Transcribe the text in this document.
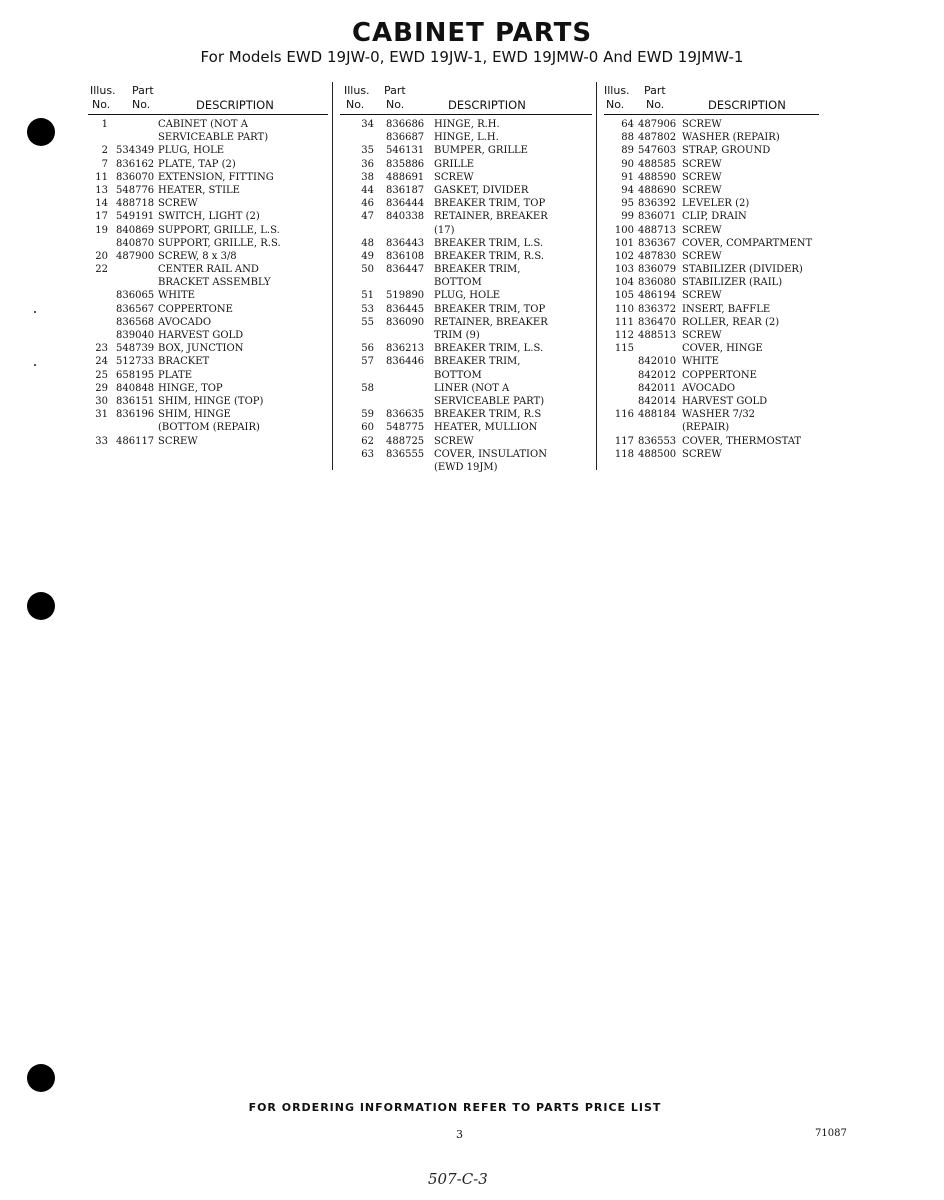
CABINET PARTS

For Models EWD 19JW-0, EWD 19JW-1, EWD 19JMW-0 And EWD 19JMW-1

Illus. Part
No. No.	DESCRIPTION
1	CABINET (NOT A
SERVICEABLE PART)
2 534349 PLUG, HOLE
7 836162 PLATE, TAP (2)
11 836070 EXTENSION, FITTING
13 548776 HEATER, STILE
14 488718 SCREW
17 549191 SWITCH, LIGHT (2)
19 840869 SUPPORT, GRILLE, L.S.
840870 SUPPORT, GRILLE, R.S.
20 487900 SCREW, 8 x 3/8
22	CENTER RAIL AND
BRACKET ASSEMBLY
836065 WHITE
836567 COPPERTONE
836568 AVOCADO
839040 HARVEST GOLD
23 548739 BOX, JUNCTION
24 512733 BRACKET
25 658195 PLATE
29 840848 HINGE, TOP
30 836151 SHIM, HINGE (TOP)
31 836196 SHIM, HINGE
(BOTTOM (REPAIR)
33 486117 SCREW
Illus. Part
No. No.	DESCRIPTION
34 836686 HINGE, R.H.
836687 HINGE, L.H.
35 546131 BUMPER, GRILLE
36 835886 GRILLE
38 488691 SCREW
44 836187 GASKET, DIVIDER
46 836444 BREAKER TRIM, TOP
47 840338 RETAINER, BREAKER
(17)
48 836443 BREAKER TRIM, L.S.
49 836108 BREAKER TRIM, R.S.
50 836447 BREAKER TRIM,
BOTTOM
51 519890 PLUG, HOLE
53 836445 BREAKER TRIM, TOP
55 836090 RETAINER, BREAKER
TRIM (9)
56 836213 BREAKER TRIM, L.S.
57 836446 BREAKER TRIM,
BOTTOM
58	LINER (NOT A
SERVICEABLE PART)
59 836635 BREAKER TRIM, R.S
60 548775 HEATER, MULLION
62 488725 SCREW
63 836555 COVER, INSULATION
(EWD 19JM)
Illus. Part
No. No.	DESCRIPTION
64 487906 SCREW
88 487802 WASHER (REPAIR)
89 547603 STRAP, GROUND
90 488585 SCREW
91 488590 SCREW
94 488690 SCREW
95 836392 LEVELER (2)
99 836071 CLIP, DRAIN
100 488713 SCREW
101 836367 COVER, COMPARTMENT
102 487830 SCREW
103 836079 STABILIZER (DIVIDER)
104 836080 STABILIZER (RAIL)
105 486194 SCREW
110 836372 INSERT, BAFFLE
111 836470 ROLLER, REAR (2)
112 488513 SCREW
115	COVER, HINGE
842010 WHITE
842012 COPPERTONE
842011 AVOCADO
842014 HARVEST GOLD
116 488184 WASHER 7/32
(REPAIR)
117 836553 COVER, THERMOSTAT
118 488500 SCREW
FOR ORDERING INFORMATION REFER TO PARTS PRICE LIST
3	71087
507-C-3
